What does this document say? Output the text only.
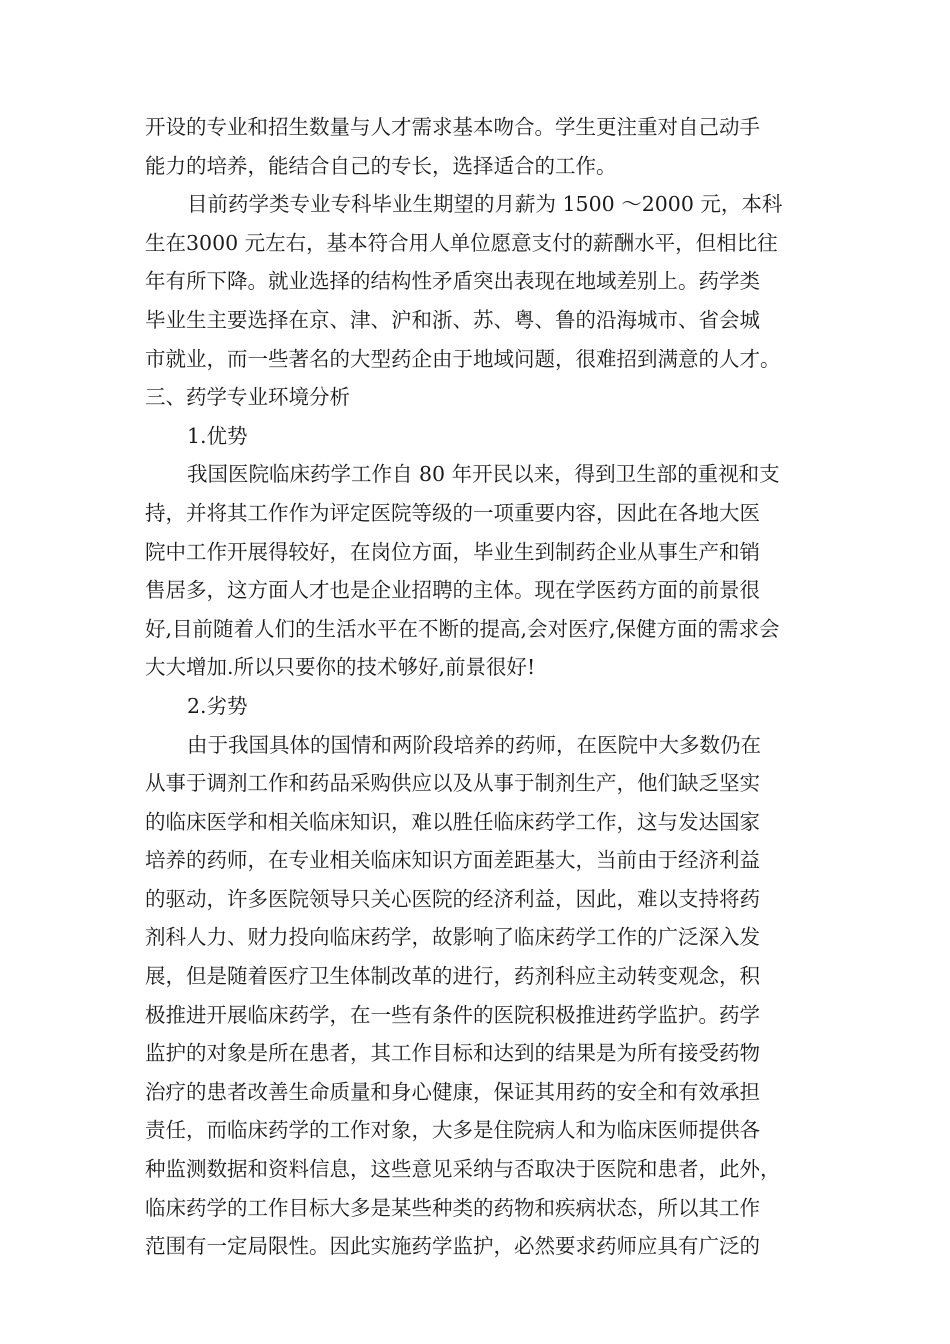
开设的专业和招生数量与人才需求基本吻合。学生更注重对自己动手
能力的培养，能结合自己的专长，选择适合的工作。
目前药学类专业专科毕业生期望的月薪为 1500 ～2000 元，本科
生在3000 元左右，基本符合用人单位愿意支付的薪酬水平，但相比往
年有所下降。就业选择的结构性矛盾突出表现在地域差别上。药学类
毕业生主要选择在京、津、沪和浙、苏、粤、鲁的沿海城市、省会城
市就业，而一些著名的大型药企由于地域问题，很难招到满意的人才。
三、药学专业环境分析
1.优势
我国医院临床药学工作自 80 年开民以来，得到卫生部的重视和支
持，并将其工作作为评定医院等级的一项重要内容，因此在各地大医
院中工作开展得较好，在岗位方面，毕业生到制药企业从事生产和销
售居多，这方面人才也是企业招聘的主体。现在学医药方面的前景很
好,目前随着人们的生活水平在不断的提高,会对医疗,保健方面的需求会
大大增加.所以只要你的技术够好,前景很好!
2.劣势
由于我国具体的国情和两阶段培养的药师，在医院中大多数仍在
从事于调剂工作和药品采购供应以及从事于制剂生产，他们缺乏坚实
的临床医学和相关临床知识，难以胜任临床药学工作，这与发达国家
培养的药师，在专业相关临床知识方面差距基大，当前由于经济利益
的驱动，许多医院领导只关心医院的经济利益，因此，难以支持将药
剂科人力、财力投向临床药学，故影响了临床药学工作的广泛深入发
展，但是随着医疗卫生体制改革的进行，药剂科应主动转变观念，积
极推进开展临床药学，在一些有条件的医院积极推进药学监护。药学
监护的对象是所在患者，其工作目标和达到的结果是为所有接受药物
治疗的患者改善生命质量和身心健康，保证其用药的安全和有效承担
责任，而临床药学的工作对象，大多是住院病人和为临床医师提供各
种监测数据和资料信息，这些意见采纳与否取决于医院和患者，此外，
临床药学的工作目标大多是某些种类的药物和疾病状态，所以其工作
范围有一定局限性。因此实施药学监护，必然要求药师应具有广泛的
